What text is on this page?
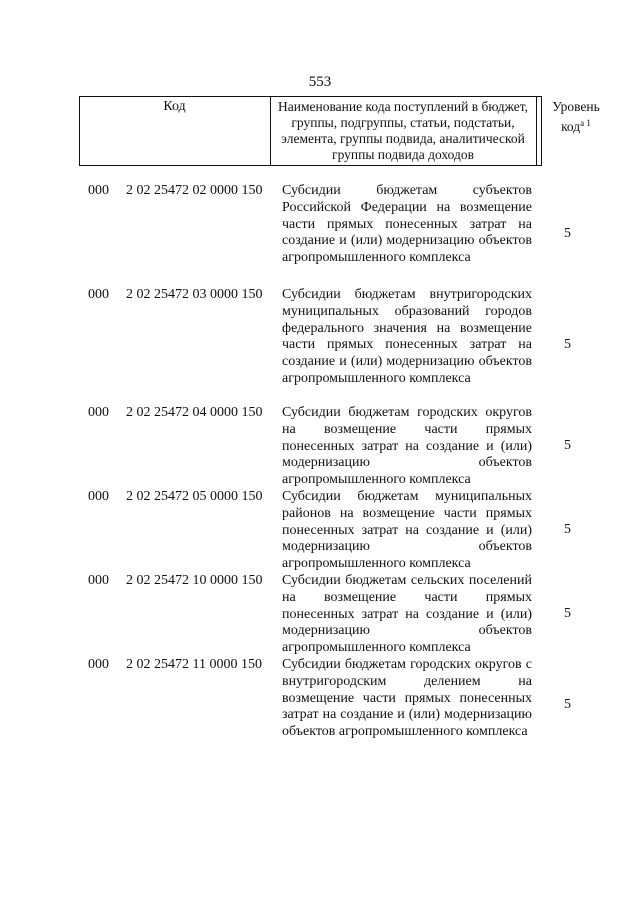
553
Код	Наименование кода поступлений в бюджет, группы, подгруппы, статьи, подстатьи, элемента, группы подвида, аналитической группы подвида доходов
Уровень код$^{а 1}$
000 2 02 25472 02 0000 150 Субсидии бюджетам субъектов Российской Федерации на возмещение части прямых понесенных затрат на создание и (или) модернизацию объектов агропромышленного комплекса
5
000 2 02 25472 03 0000 150 Субсидии бюджетам внутригородских муниципальных образований городов федерального значения на возмещение части прямых понесенных затрат на создание и (или) модернизацию объектов агропромышленного комплекса
5
000 2 02 25472 04 0000 150 Субсидии бюджетам городских округов на возмещение части прямых понесенных затрат на создание и (или) модернизацию объектов агропромышленного комплекса
5
000 2 02 25472 05 0000 150 Субсидии бюджетам муниципальных районов на возмещение части прямых понесенных затрат на создание и (или) модернизацию объектов агропромышленного комплекса
5
000 2 02 25472 10 0000 150 Субсидии бюджетам сельских поселений на возмещение части прямых понесенных затрат на создание и (или) модернизацию объектов агропромышленного комплекса
5
000 2 02 25472 11 0000 150 Субсидии бюджетам городских округов с внутригородским делением на возмещение части прямых понесенных затрат на создание и (или) модернизацию объектов агропромышленного комплекса
5
